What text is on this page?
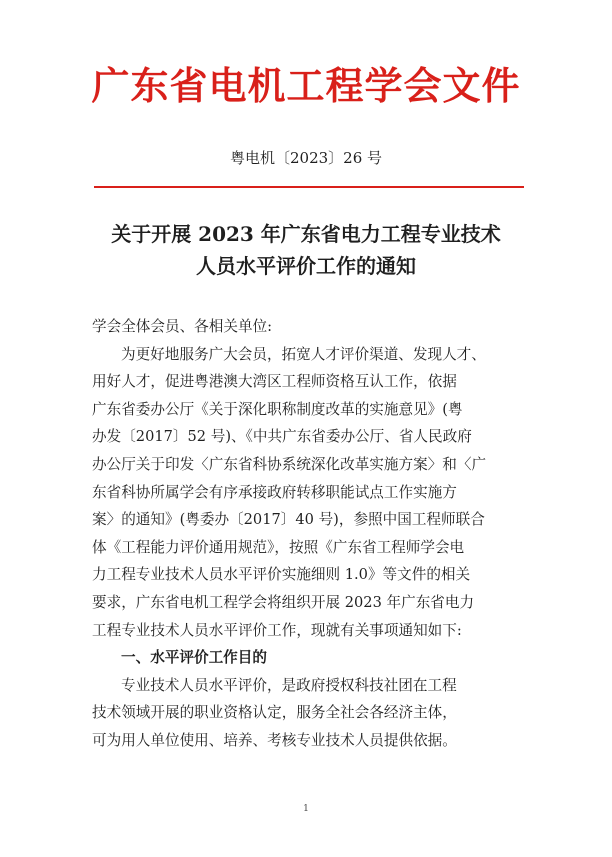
广东省电机工程学会文件
粤电机〔2023〕26 号
关于开展 2023 年广东省电力工程专业技术
人员水平评价工作的通知
学会全体会员、各相关单位:
为更好地服务广大会员，拓宽人才评价渠道、发现人才、
用好人才，促进粤港澳大湾区工程师资格互认工作，依据
广东省委办公厅《关于深化职称制度改革的实施意见》(粤
办发〔2017〕52 号)、《中共广东省委办公厅、省人民政府
办公厅关于印发〈广东省科协系统深化改革实施方案〉和〈广
东省科协所属学会有序承接政府转移职能试点工作实施方
案〉的通知》(粤委办〔2017〕40 号)，参照中国工程师联合
体《工程能力评价通用规范》，按照《广东省工程师学会电
力工程专业技术人员水平评价实施细则 1.0》等文件的相关
要求，广东省电机工程学会将组织开展 2023 年广东省电力
工程专业技术人员水平评价工作，现就有关事项通知如下:
一、水平评价工作目的
专业技术人员水平评价，是政府授权科技社团在工程
技术领域开展的职业资格认定，服务全社会各经济主体，
可为用人单位使用、培养、考核专业技术人员提供依据。
1
